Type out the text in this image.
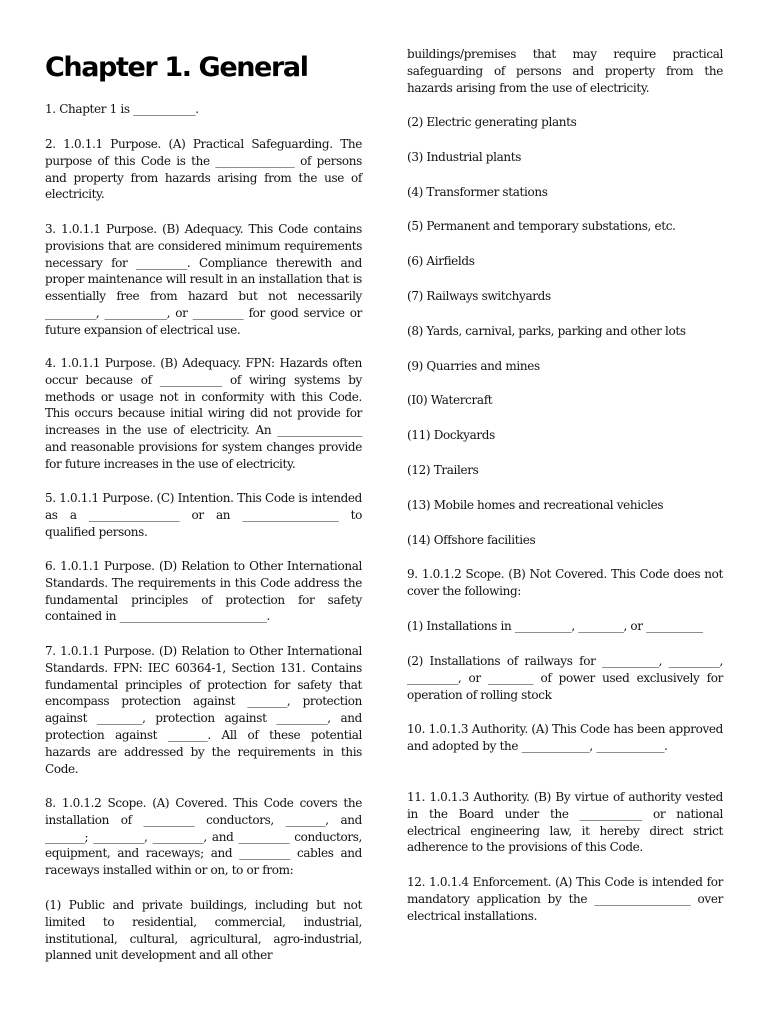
Chapter 1. General

1. Chapter 1 is ___________.

2. 1.0.1.1 Purpose. (A) Practical Safeguarding. The purpose of this Code is the ______________ of persons and property from hazards arising from the use of electricity.

3. 1.0.1.1 Purpose. (B) Adequacy. This Code contains provisions that are considered minimum requirements necessary for _________. Compliance therewith and proper maintenance will result in an installation that is essentially free from hazard but not necessarily _________, ___________, or _________ for good service or future expansion of electrical use.

4. 1.0.1.1 Purpose. (B) Adequacy. FPN: Hazards often occur because of ___________ of wiring systems by methods or usage not in conformity with this Code. This occurs because initial wiring did not provide for increases in the use of electricity. An _______________ and reasonable provisions for system changes provide for future increases in the use of electricity.

5. 1.0.1.1 Purpose. (C) Intention. This Code is intended as a ________________ or an _________________ to qualified persons.

6. 1.0.1.1 Purpose. (D) Relation to Other International Standards. The requirements in this Code address the fundamental principles of protection for safety contained in __________________________.

7. 1.0.1.1 Purpose. (D) Relation to Other International Standards. FPN: IEC 60364-1, Section 131. Contains fundamental principles of protection for safety that encompass protection against _______, protection against ________, protection against _________, and protection against _______. All of these potential hazards are addressed by the requirements in this Code.

8. 1.0.1.2 Scope. (A) Covered. This Code covers the installation of _________ conductors, _______, and _______; _________, _________, and _________ conductors, equipment, and raceways; and _________ cables and raceways installed within or on, to or from:

(1) Public and private buildings, including but not limited to residential, commercial, industrial, institutional, cultural, agricultural, agro-industrial, planned unit development and all other

buildings/premises that may require practical safeguarding of persons and property from the hazards arising from the use of electricity.

(2) Electric generating plants

(3) Industrial plants

(4) Transformer stations

(5) Permanent and temporary substations, etc.

(6) Airfields

(7) Railways switchyards

(8) Yards, carnival, parks, parking and other lots

(9) Quarries and mines

(I0) Watercraft

(11) Dockyards

(12) Trailers

(13) Mobile homes and recreational vehicles

(14) Offshore facilities

9. 1.0.1.2 Scope. (B) Not Covered. This Code does not cover the following:

(1) Installations in __________, ________, or __________

(2) Installations of railways for __________, _________, _________, or ________ of power used exclusively for operation of rolling stock

10. 1.0.1.3 Authority. (A) This Code has been approved and adopted by the ____________, ____________.

11. 1.0.1.3 Authority. (B) By virtue of authority vested in the Board under the ___________ or national electrical engineering law, it hereby direct strict adherence to the provisions of this Code.

12. 1.0.1.4 Enforcement. (A) This Code is intended for mandatory application by the _________________ over electrical installations.
